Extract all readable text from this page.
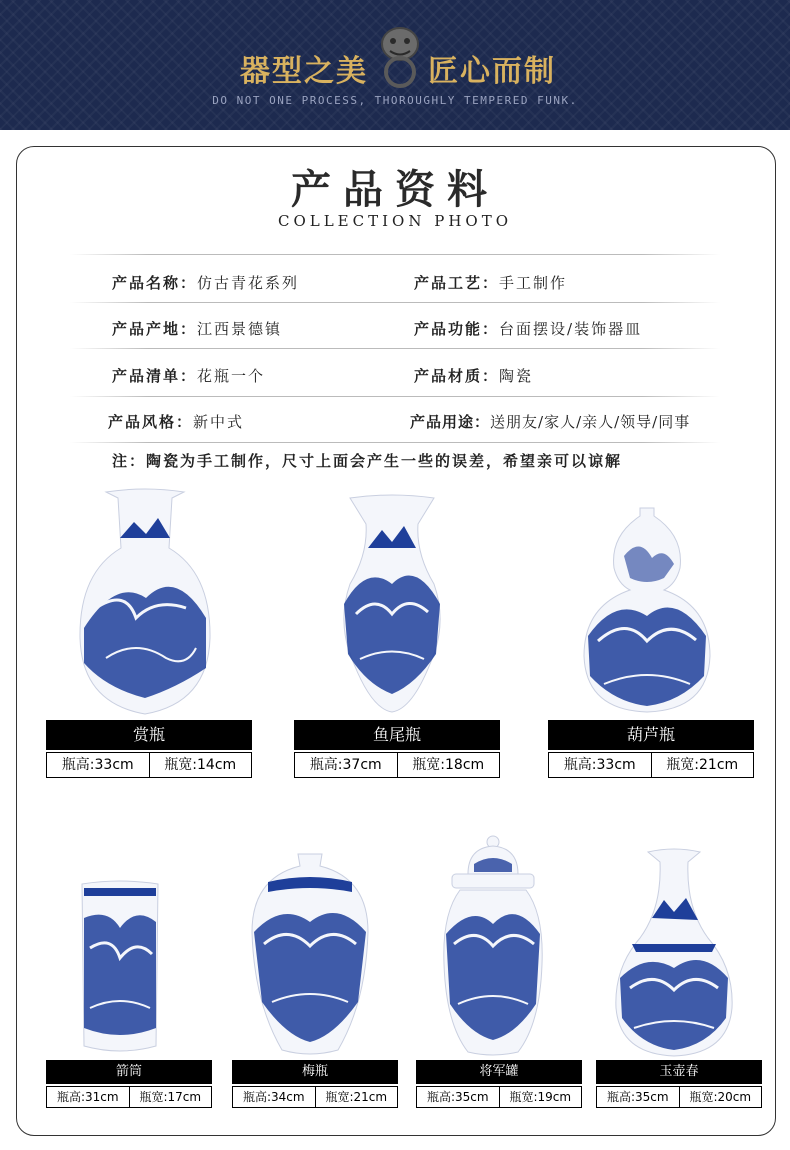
器型之美 匠心而制
DO NOT ONE PROCESS, THOROUGHLY TEMPERED FUNK.
产品资料
COLLECTION PHOTO
产品名称：仿古青花系列	产品工艺：手工制作
产品产地：江西景德镇	产品功能：台面摆设/装饰器皿
产品清单：花瓶一个	产品材质：陶瓷
产品风格：新中式	产品用途：送朋友/家人/亲人/领导/同事
注：陶瓷为手工制作，尺寸上面会产生一些的误差，希望亲可以谅解
赏瓶
瓶高:33cm	瓶宽:14cm
鱼尾瓶
瓶高:37cm	瓶宽:18cm
葫芦瓶
瓶高:33cm	瓶宽:21cm
箭筒
瓶高:31cm	瓶宽:17cm
梅瓶
瓶高:34cm	瓶宽:21cm
将军罐
瓶高:35cm	瓶宽:19cm
玉壶春
瓶高:35cm	瓶宽:20cm
